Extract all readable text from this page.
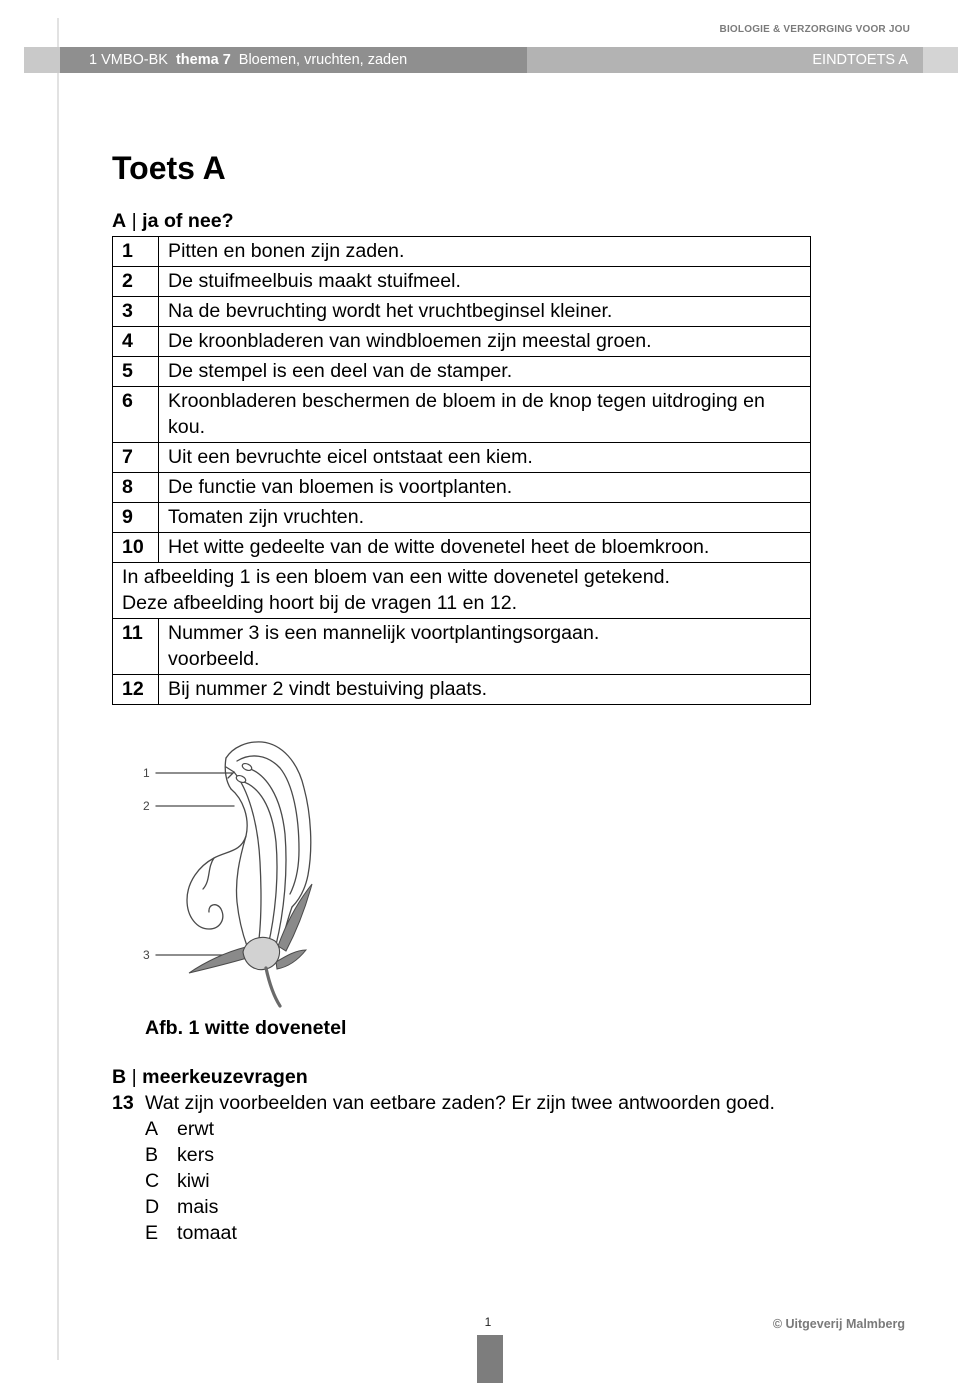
BIOLOGIE & VERZORGING VOOR JOU
1 VMBO-BK thema 7 Bloemen, vruchten, zaden	EINDTOETS A
Toets A
A | ja of nee?
1	Pitten en bonen zijn zaden.
2	De stuifmeelbuis maakt stuifmeel.
3	Na de bevruchting wordt het vruchtbeginsel kleiner.
4	De kroonbladeren van windbloemen zijn meestal groen.
5	De stempel is een deel van de stamper.
6	Kroonbladeren beschermen de bloem in de knop tegen uitdroging en kou.
7	Uit een bevruchte eicel ontstaat een kiem.
8	De functie van bloemen is voortplanten.
9	Tomaten zijn vruchten.
10	Het witte gedeelte van de witte dovenetel heet de bloemkroon.

In afbeelding 1 is een bloem van een witte dovenetel getekend.
Deze afbeelding hoort bij de vragen 11 en 12.	

11	Nummer 3 is een mannelijk voortplantingsorgaan.
voorbeeld.

12	Bij nummer 2 vindt bestuiving plaats.
1
2
3
Afb. 1 witte dovenetel
B | meerkeuzevragen
13 Wat zijn voorbeelden van eetbare zaden? Er zijn twee antwoorden goed.
A erwt
B kers
C kiwi
D mais
E tomaat
1	© Uitgeverij Malmberg
